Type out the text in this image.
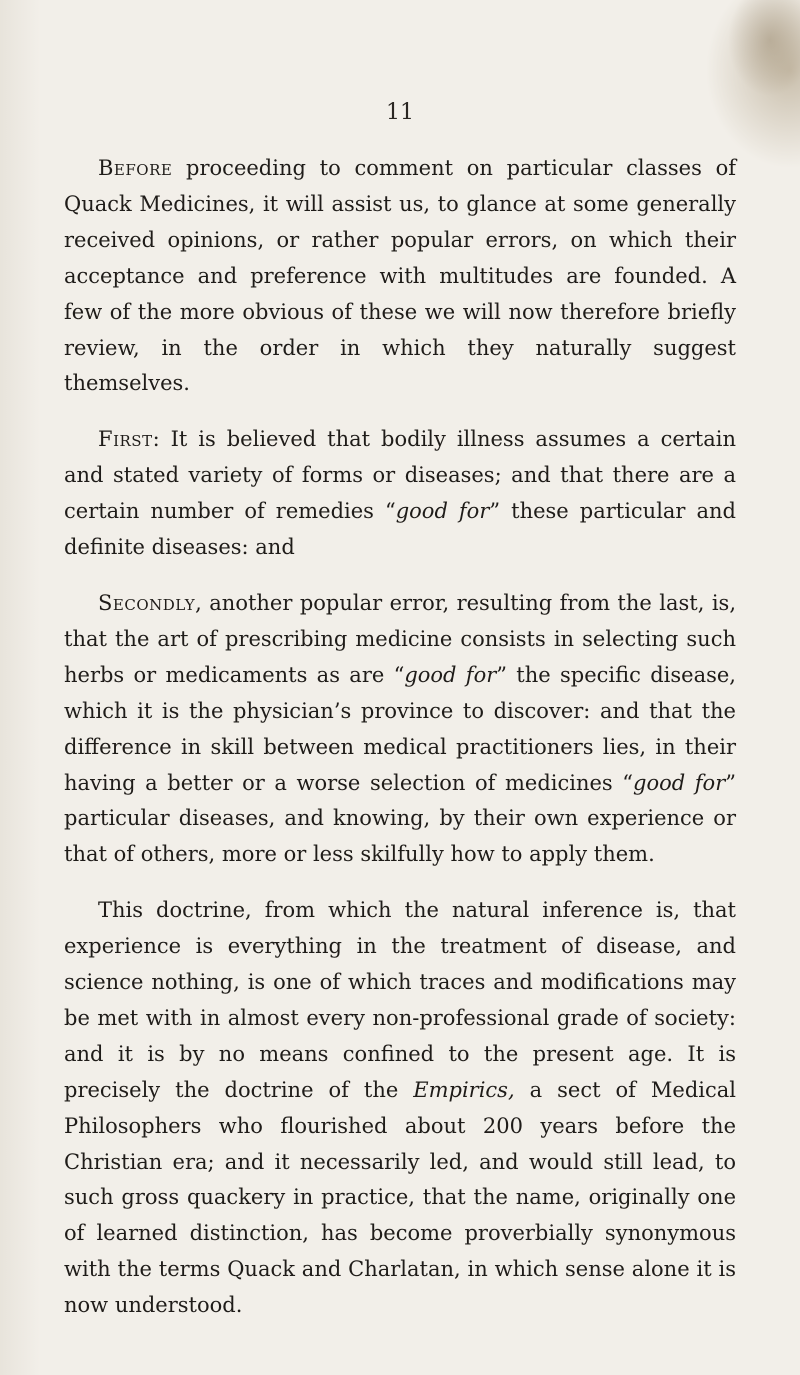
11

Before proceeding to comment on particular classes of Quack Medicines, it will assist us, to glance at some generally received opinions, or rather popular errors, on which their acceptance and preference with multitudes are founded. A few of the more obvious of these we will now therefore briefly review, in the order in which they naturally suggest themselves.

First: It is believed that bodily illness assumes a certain and stated variety of forms or diseases; and that there are a certain number of remedies “good for” these particular and definite diseases: and

Secondly, another popular error, resulting from the last, is, that the art of prescribing medicine consists in selecting such herbs or medicaments as are “good for” the specific disease, which it is the physician’s province to discover: and that the difference in skill between medical practitioners lies, in their having a better or a worse selection of medicines “good for” particular diseases, and knowing, by their own experience or that of others, more or less skilfully how to apply them.

This doctrine, from which the natural inference is, that experience is everything in the treatment of disease, and science nothing, is one of which traces and modifications may be met with in almost every non-professional grade of society: and it is by no means confined to the present age. It is precisely the doctrine of the Empirics, a sect of Medical Philosophers who flourished about 200 years before the Christian era; and it necessarily led, and would still lead, to such gross quackery in practice, that the name, originally one of learned distinction, has become proverbially synonymous with the terms Quack and Charlatan, in which sense alone it is now understood.
